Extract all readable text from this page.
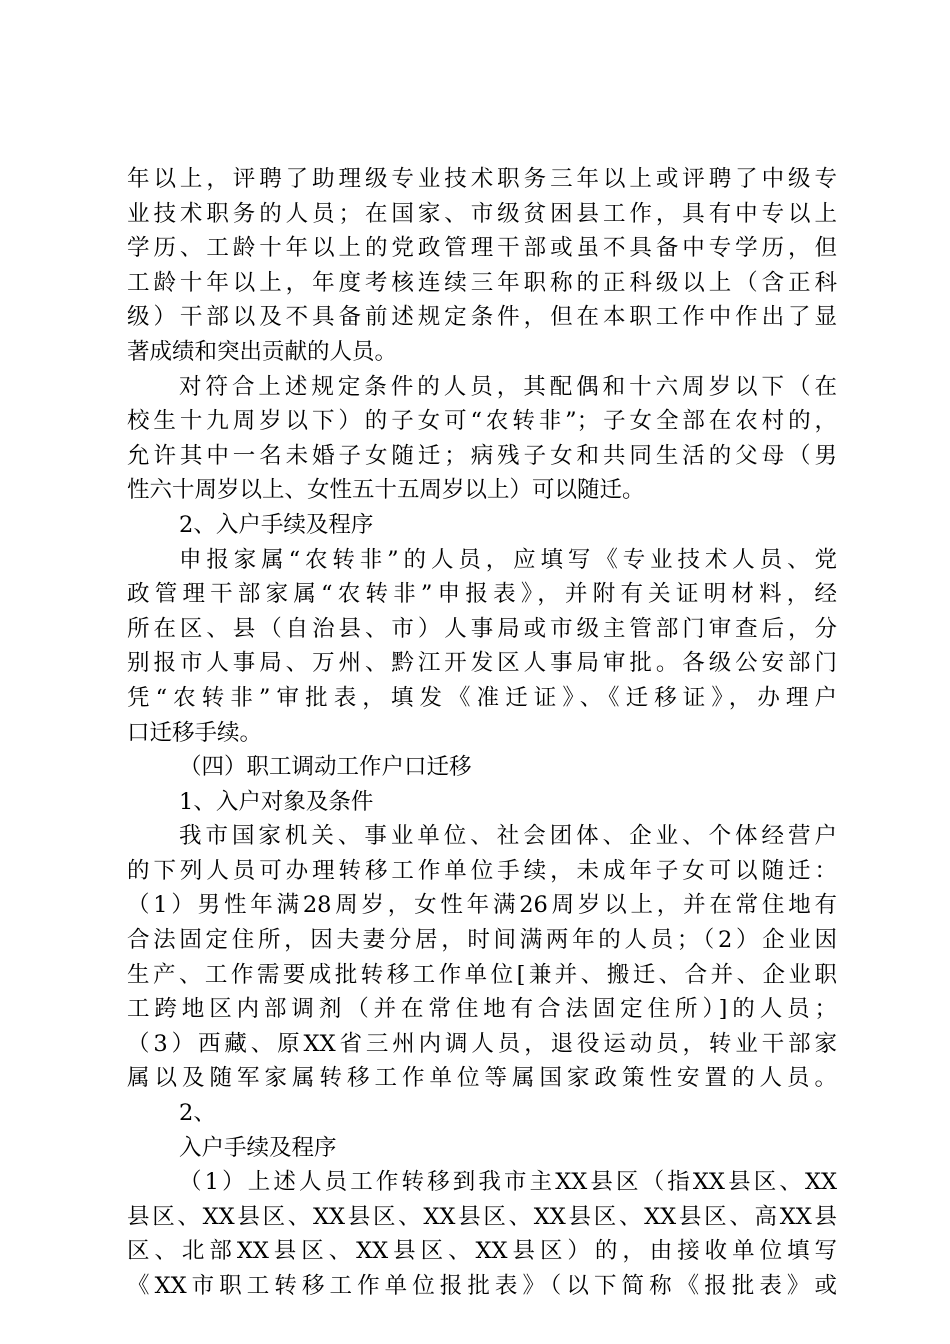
年以上，评聘了助理级专业技术职务三年以上或评聘了中级专
业技术职务的人员；在国家、市级贫困县工作，具有中专以上
学历、工龄十年以上的党政管理干部或虽不具备中专学历，但
工龄十年以上，年度考核连续三年职称的正科级以上（含正科
级）干部以及不具备前述规定条件，但在本职工作中作出了显
著成绩和突出贡献的人员。
对符合上述规定条件的人员，其配偶和十六周岁以下（在
校生十九周岁以下）的子女可“农转非”；子女全部在农村的，
允许其中一名未婚子女随迁；病残子女和共同生活的父母（男
性六十周岁以上、女性五十五周岁以上）可以随迁。
2、入户手续及程序
申报家属“农转非”的人员，应填写《专业技术人员、党
政管理干部家属“农转非”申报表》，并附有关证明材料，经
所在区、县（自治县、市）人事局或市级主管部门审查后，分
别报市人事局、万州、黔江开发区人事局审批。各级公安部门
凭“农转非”审批表，填发《准迁证》、《迁移证》，办理户
口迁移手续。
（四）职工调动工作户口迁移
1、入户对象及条件
我市国家机关、事业单位、社会团体、企业、个体经营户
的下列人员可办理转移工作单位手续，未成年子女可以随迁：
（1）男性年满28周岁，女性年满26周岁以上，并在常住地有
合法固定住所，因夫妻分居，时间满两年的人员；（2）企业因
生产、工作需要成批转移工作单位[兼并、搬迁、合并、企业职
工跨地区内部调剂（并在常住地有合法固定住所）]的人员；
（3）西藏、原XX省三州内调人员，退役运动员，转业干部家
属以及随军家属转移工作单位等属国家政策性安置的人员。
2、
入户手续及程序
（1）上述人员工作转移到我市主XX县区（指XX县区、XX
县区、XX县区、XX县区、XX县区、XX县区、XX县区、高XX县
区、北部XX县区、XX县区、XX县区）的，由接收单位填写
《XX市职工转移工作单位报批表》（以下简称《报批表》或
